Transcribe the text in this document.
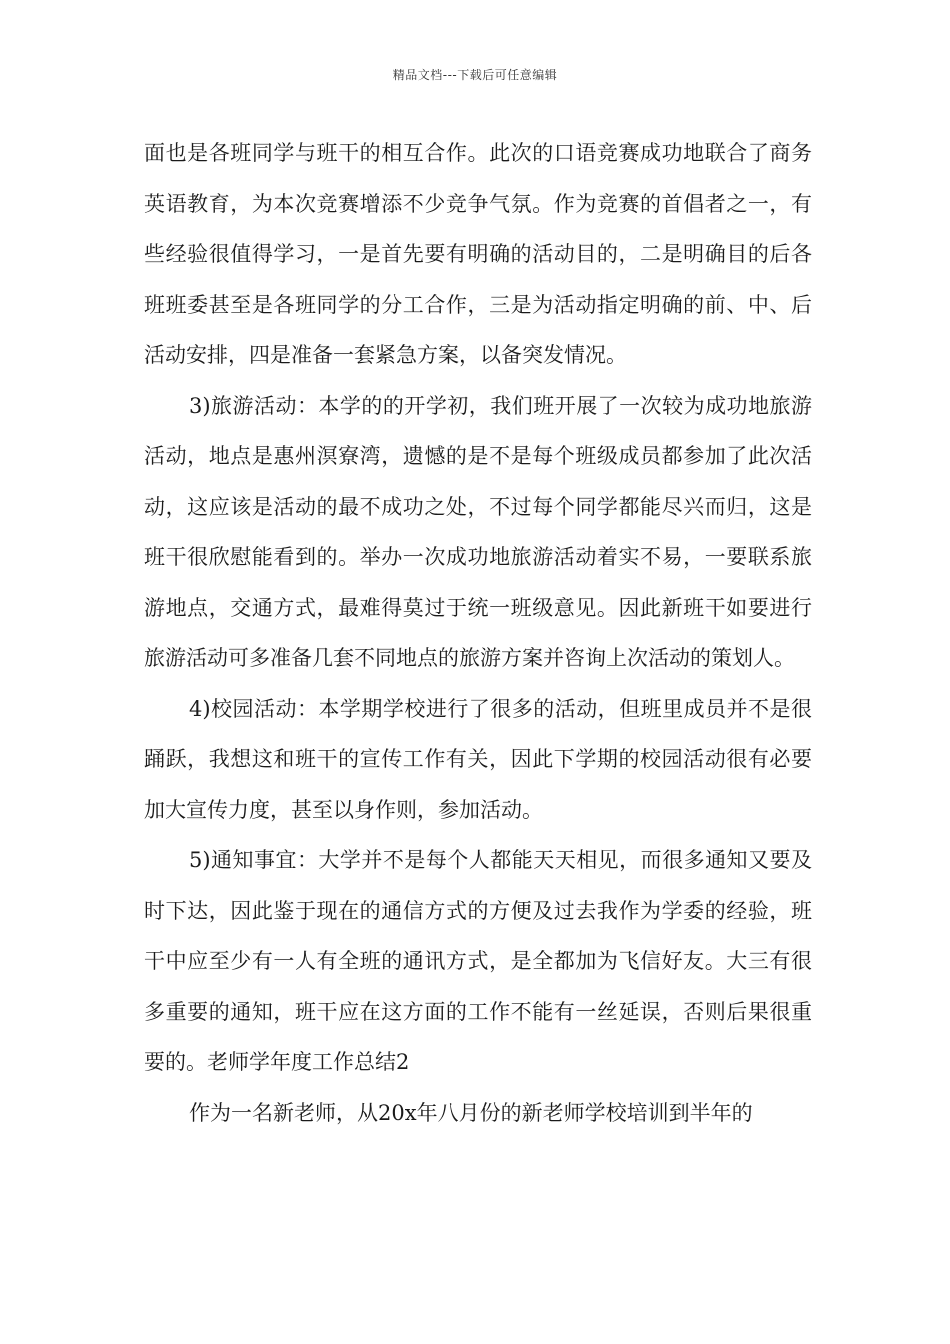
精品文档---下载后可任意编辑

面也是各班同学与班干的相互合作。此次的口语竞赛成功地联合了商务英语教育，为本次竞赛增添不少竞争气氛。作为竞赛的首倡者之一，有些经验很值得学习，一是首先要有明确的活动目的，二是明确目的后各班班委甚至是各班同学的分工合作，三是为活动指定明确的前、中、后活动安排，四是准备一套紧急方案，以备突发情况。

3)旅游活动：本学的的开学初，我们班开展了一次较为成功地旅游活动，地点是惠州溟寮湾，遗憾的是不是每个班级成员都参加了此次活动，这应该是活动的最不成功之处，不过每个同学都能尽兴而归，这是班干很欣慰能看到的。举办一次成功地旅游活动着实不易，一要联系旅游地点，交通方式，最难得莫过于统一班级意见。因此新班干如要进行旅游活动可多准备几套不同地点的旅游方案并咨询上次活动的策划人。

4)校园活动：本学期学校进行了很多的活动，但班里成员并不是很踊跃，我想这和班干的宣传工作有关，因此下学期的校园活动很有必要加大宣传力度，甚至以身作则，参加活动。

5)通知事宜：大学并不是每个人都能天天相见，而很多通知又要及时下达，因此鉴于现在的通信方式的方便及过去我作为学委的经验，班干中应至少有一人有全班的通讯方式，是全都加为飞信好友。大三有很多重要的通知，班干应在这方面的工作不能有一丝延误，否则后果很重要的。老师学年度工作总结2

作为一名新老师，从20x年八月份的新老师学校培训到半年的
